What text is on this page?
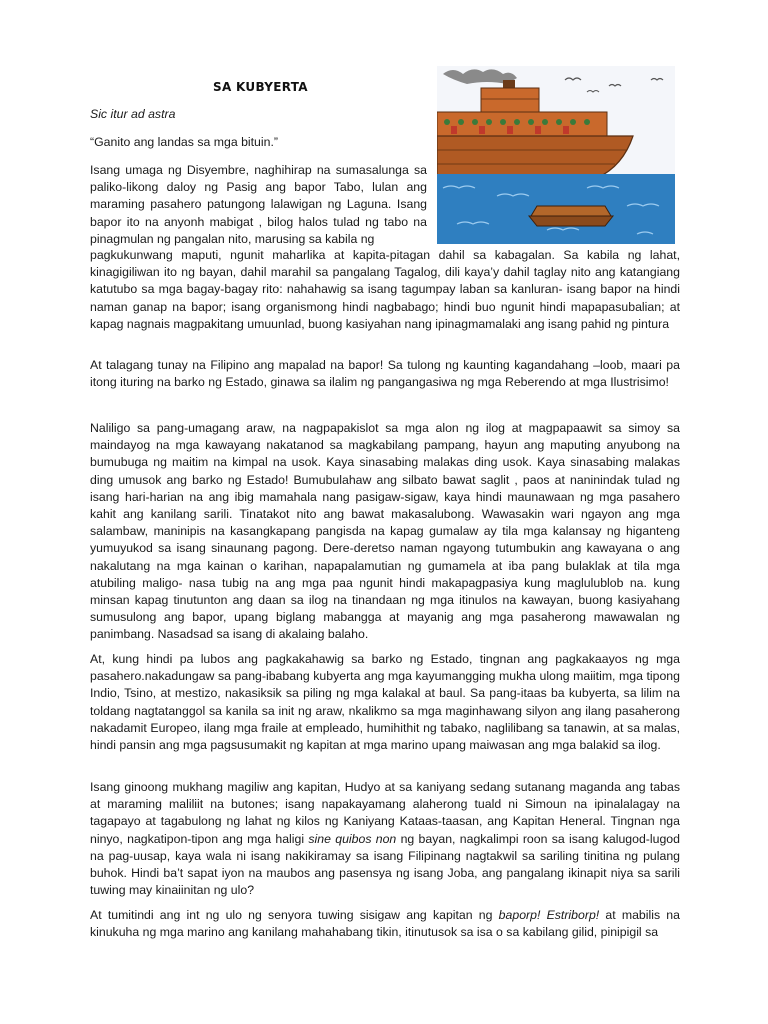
SA KUBYERTA

Sic itur ad astra

“Ganito ang landas sa mga bituin.”

Isang umaga ng Disyembre, naghihirap na sumasalunga sa paliko-likong daloy ng Pasig ang bapor Tabo, lulan ang maraming pasahero patungong lalawigan ng Laguna. Isang bapor ito na anyonh mabigat , bilog halos tulad ng tabo na pinagmulan ng pangalan nito, marusing sa kabila ng

pagkukunwang maputi, ngunit maharlika at kapita-pitagan dahil sa kabagalan. Sa kabila ng lahat, kinagigiliwan ito ng bayan, dahil marahil sa pangalang Tagalog, dili kaya’y dahil taglay nito ang katangiang katutubo sa mga bagay-bagay rito: nahahawig sa isang tagumpay laban sa kanluran- isang bapor na hindi naman ganap na bapor; isang organismong hindi nagbabago; hindi buo ngunit hindi mapapasubalian; at kapag nagnais magpakitang umuunlad, buong kasiyahan nang ipinagmamalaki ang isang pahid ng pintura

At talagang tunay na Filipino ang mapalad na bapor! Sa tulong ng kaunting kagandahang –loob, maari pa itong ituring na barko ng Estado, ginawa sa ilalim ng pangangasiwa ng mga Reberendo at mga Ilustrisimo!

Naliligo sa pang-umagang araw, na nagpapakislot sa mga alon ng ilog at magpapaawit sa simoy sa maindayog na mga kawayang nakatanod sa magkabilang pampang, hayun ang maputing anyubong na bumubuga ng maitim na kimpal na usok. Kaya sinasabing malakas ding usok. Kaya sinasabing malakas ding umusok ang barko ng Estado! Bumubulahaw ang silbato bawat saglit , paos at naninindak tulad ng isang hari-harian na ang ibig mamahala nang pasigaw-sigaw, kaya hindi maunawaan ng mga pasahero kahit ang kanilang sarili. Tinatakot nito ang bawat makasalubong. Wawasakin wari ngayon ang mga salambaw, maninipis na kasangkapang pangisda na kapag gumalaw ay tila mga kalansay ng higanteng yumuyukod sa isang sinaunang pagong. Dere-deretso naman ngayong tutumbukin ang kawayana o ang nakalutang na mga kainan o karihan, napapalamutian ng gumamela at iba pang bulaklak at tila mga atubiling maligo- nasa tubig na ang mga paa ngunit hindi makapagpasiya kung maglulublob na. kung minsan kapag tinutunton ang daan sa ilog na tinandaan ng mga itinulos na kawayan, buong kasiyahang sumusulong ang bapor, upang biglang mabangga at mayanig ang mga pasaherong mawawalan ng panimbang. Nasadsad sa isang di akalaing balaho.

At, kung hindi pa lubos ang pagkakahawig sa barko ng Estado, tingnan ang pagkakaayos ng mga pasahero.nakadungaw sa pang-ibabang kubyerta ang mga kayumangging mukha ulong maiitim, mga tipong Indio, Tsino, at mestizo, nakasiksik sa piling ng mga kalakal at baul. Sa pang-itaas ba kubyerta, sa lilim na toldang nagtatanggol sa kanila sa init ng araw, nkalikmo sa mga maginhawang silyon ang ilang pasaherong nakadamit Europeo, ilang mga fraile at empleado, humihithit ng tabako, naglilibang sa tanawin, at sa malas, hindi pansin ang mga pagsusumakit ng kapitan at mga marino upang maiwasan ang mga balakid sa ilog.

Isang ginoong mukhang magiliw ang kapitan, Hudyo at sa kaniyang sedang sutanang maganda ang tabas at maraming maliliit na butones; isang napakayamang alaherong tuald ni Simoun na ipinalalagay na tagapayo at tagabulong ng lahat ng kilos ng Kaniyang Kataas-taasan, ang Kapitan Heneral. Tingnan nga ninyo, nagkatipon-tipon ang mga haligi sine quibos non ng bayan, nagkalimpi roon sa isang kalugod-lugod na pag-uusap, kaya wala ni isang nakikiramay sa isang Filipinang nagtakwil sa sariling tinitina ng pulang buhok. Hindi ba’t sapat iyon na maubos ang pasensya ng isang Joba, ang pangalang ikinapit niya sa sarili tuwing may kinaiinitan ng ulo?

At tumitindi ang int ng ulo ng senyora tuwing sisigaw ang kapitan ng baporp! Estriborp! at mabilis na kinukuha ng mga marino ang kanilang mahahabang tikin, itinutusok sa isa o sa kabilang gilid, pinipigil sa
